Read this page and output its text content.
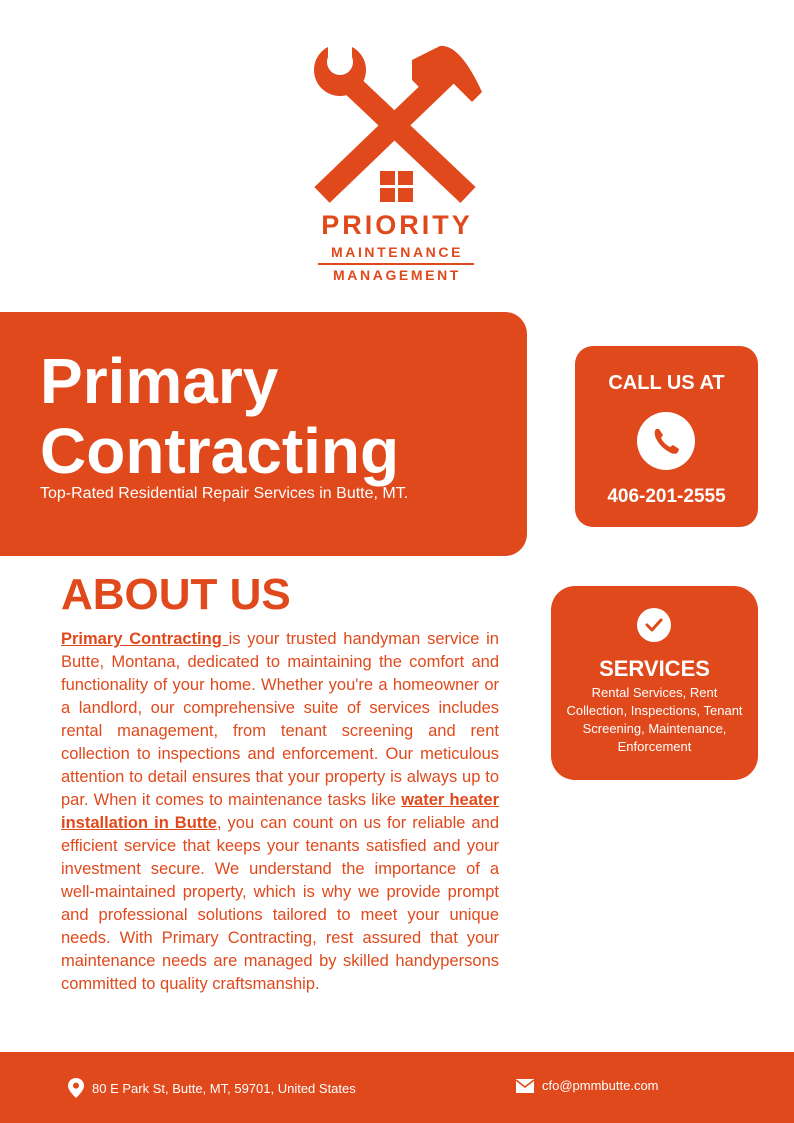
PRIORITY
MAINTENANCE
MANAGEMENT
Primary
Contracting
Top-Rated Residential Repair Services in Butte, MT.
CALL US AT
406-201-2555
ABOUT US

Primary Contracting is your trusted handyman service in Butte, Montana, dedicated to maintaining the comfort and functionality of your home. Whether you're a homeowner or a landlord, our comprehensive suite of services includes rental management, from tenant screening and rent collection to inspections and enforcement. Our meticulous attention to detail ensures that your property is always up to par. When it comes to maintenance tasks like water heater installation in Butte, you can count on us for reliable and efficient service that keeps your tenants satisfied and your investment secure. We understand the importance of a well-maintained property, which is why we provide prompt and professional solutions tailored to meet your unique needs. With Primary Contracting, rest assured that your maintenance needs are managed by skilled handypersons committed to quality craftsmanship.

SERVICES
Rental Services, Rent Collection, Inspections, Tenant Screening, Maintenance, Enforcement
80 E Park St, Butte, MT, 59701, United States	cfo@pmmbutte.com
